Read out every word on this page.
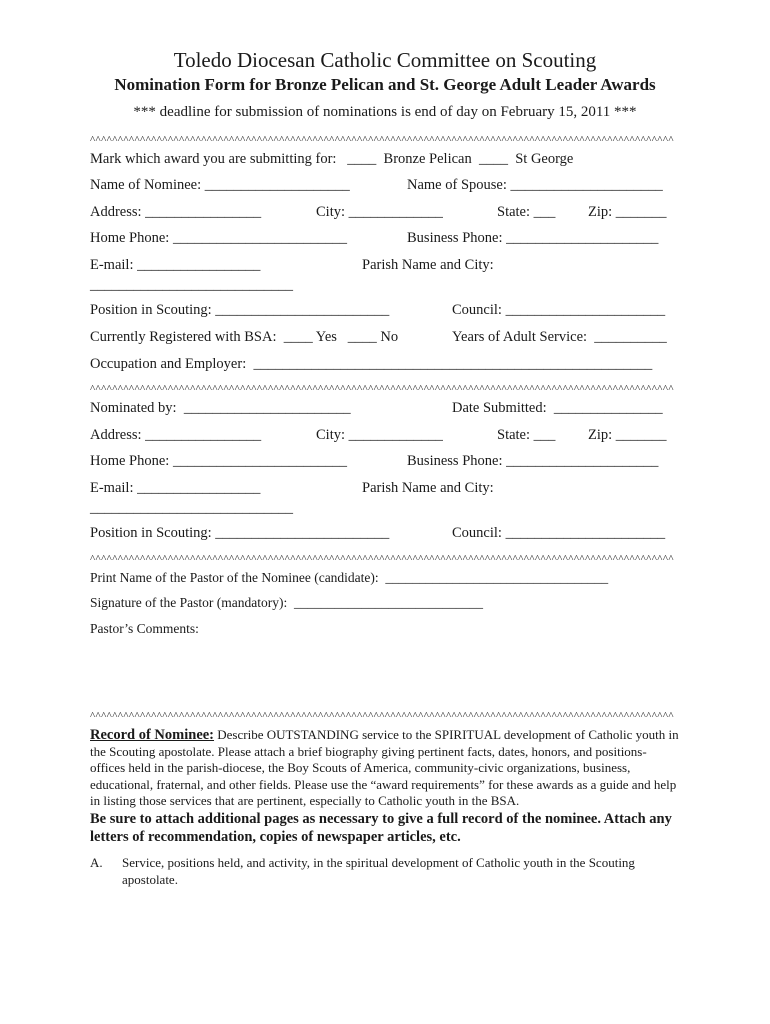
Toledo Diocesan Catholic Committee on Scouting
Nomination Form for Bronze Pelican and St. George Adult Leader Awards
*** deadline for submission of nominations is end of day on February 15, 2011 ***
^^^^^^^^^^^^^^^^^^^^^^^^^^^^^^^^^^^^^^^^^^^^^^^^^^^^^^^^^^^^^^^^^^^^^^^^^^^^^^^^^^^^^^^^^^^^^^^^^^^^^^^^^
Mark which award you are submitting for:   ____  Bronze Pelican  ____  St George
Name of Nominee: ____________________	Name of Spouse: _____________________
Address: ________________	City: _____________	State: ___ Zip: _______
Home Phone: ________________________	Business Phone: _____________________
E-mail: _________________	Parish Name and City:
____________________________
Position in Scouting: ________________________	Council: ______________________
Currently Registered with BSA:  ____ Yes   ____ No	Years of Adult Service:  __________
Occupation and Employer:  _______________________________________________________
^^^^^^^^^^^^^^^^^^^^^^^^^^^^^^^^^^^^^^^^^^^^^^^^^^^^^^^^^^^^^^^^^^^^^^^^^^^^^^^^^^^^^^^^^^^^^^^^^^^^^^^^^
Nominated by:  _______________________	Date Submitted:  _______________
Address: ________________	City: _____________	State: ___ Zip: _______
Home Phone: ________________________	Business Phone: _____________________
E-mail: _________________	Parish Name and City:
____________________________
Position in Scouting: ________________________	Council: ______________________
^^^^^^^^^^^^^^^^^^^^^^^^^^^^^^^^^^^^^^^^^^^^^^^^^^^^^^^^^^^^^^^^^^^^^^^^^^^^^^^^^^^^^^^^^^^^^^^^^^^^^^^^^
Print Name of the Pastor of the Nominee (candidate):  _________________________________
Signature of the Pastor (mandatory):  ____________________________
Pastor’s Comments:
^^^^^^^^^^^^^^^^^^^^^^^^^^^^^^^^^^^^^^^^^^^^^^^^^^^^^^^^^^^^^^^^^^^^^^^^^^^^^^^^^^^^^^^^^^^^^^^^^^^^^^^^^
Record of Nominee: Describe OUTSTANDING service to the SPIRITUAL development of Catholic youth in the Scouting apostolate. Please attach a brief biography giving pertinent facts, dates, honors, and positions-offices held in the parish-diocese, the Boy Scouts of America, community-civic organizations, business, educational, fraternal, and other fields. Please use the “award requirements” for these awards as a guide and help in listing those services that are pertinent, especially to Catholic youth in the BSA.
Be sure to attach additional pages as necessary to give a full record of the nominee. Attach any letters of recommendation, copies of newspaper articles, etc.
A. Service, positions held, and activity, in the spiritual development of Catholic youth in the Scouting apostolate.
